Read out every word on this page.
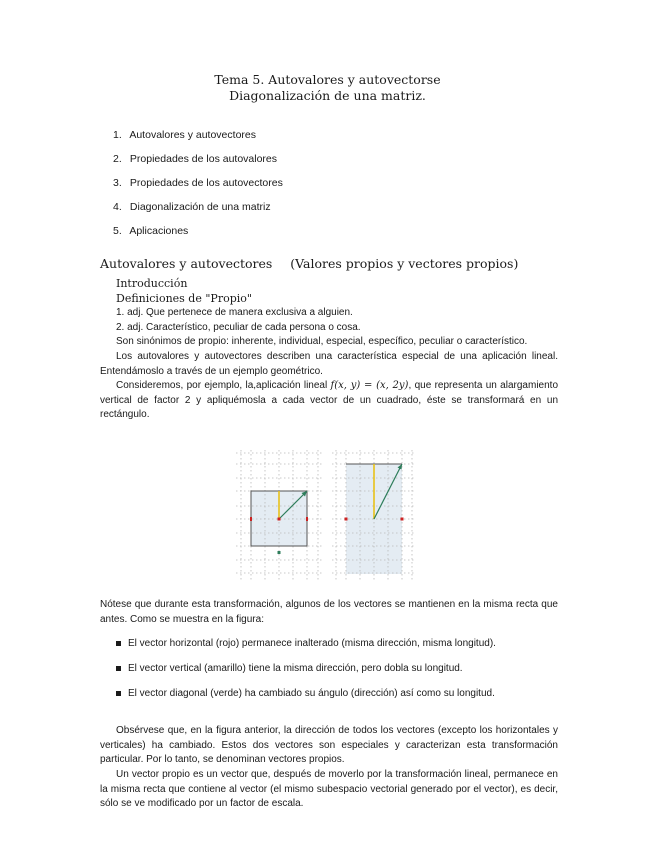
Tema 5. Autovalores y autovectorse
Diagonalización de una matriz.
1. Autovalores y autovectores
2. Propiedades de los autovalores
3. Propiedades de los autovectores
4. Diagonalización de una matriz
5. Aplicaciones
Autovalores y autovectores (Valores propios y vectores propios)

Introducción

Definiciones de "Propio"

1. adj. Que pertenece de manera exclusiva a alguien.

2. adj. Característico, peculiar de cada persona o cosa.

Son sinónimos de propio: inherente, individual, especial, específico, peculiar o característico.

Los autovalores y autovectores describen una característica especial de una aplicación lineal. Entendámoslo a través de un ejemplo geométrico.

Consideremos, por ejemplo, la,aplicación lineal f(x, y) = (x, 2y), que representa un alargamiento vertical de factor 2 y apliquémosla a cada vector de un cuadrado, éste se transformará en un rectángulo.

Nótese que durante esta transformación, algunos de los vectores se mantienen en la misma recta que antes. Como se muestra en la figura:

El vector horizontal (rojo) permanece inalterado (misma dirección, misma longitud).
El vector vertical (amarillo) tiene la misma dirección, pero dobla su longitud.
El vector diagonal (verde) ha cambiado su ángulo (dirección) así como su longitud.

Obsérvese que, en la figura anterior, la dirección de todos los vectores (excepto los horizontales y verticales) ha cambiado. Estos dos vectores son especiales y caracterizan esta transformación particular. Por lo tanto, se denominan vectores propios.

Un vector propio es un vector que, después de moverlo por la transformación lineal, permanece en la misma recta que contiene al vector (el mismo subespacio vectorial generado por el vector), es decir, sólo se ve modificado por un factor de escala.
